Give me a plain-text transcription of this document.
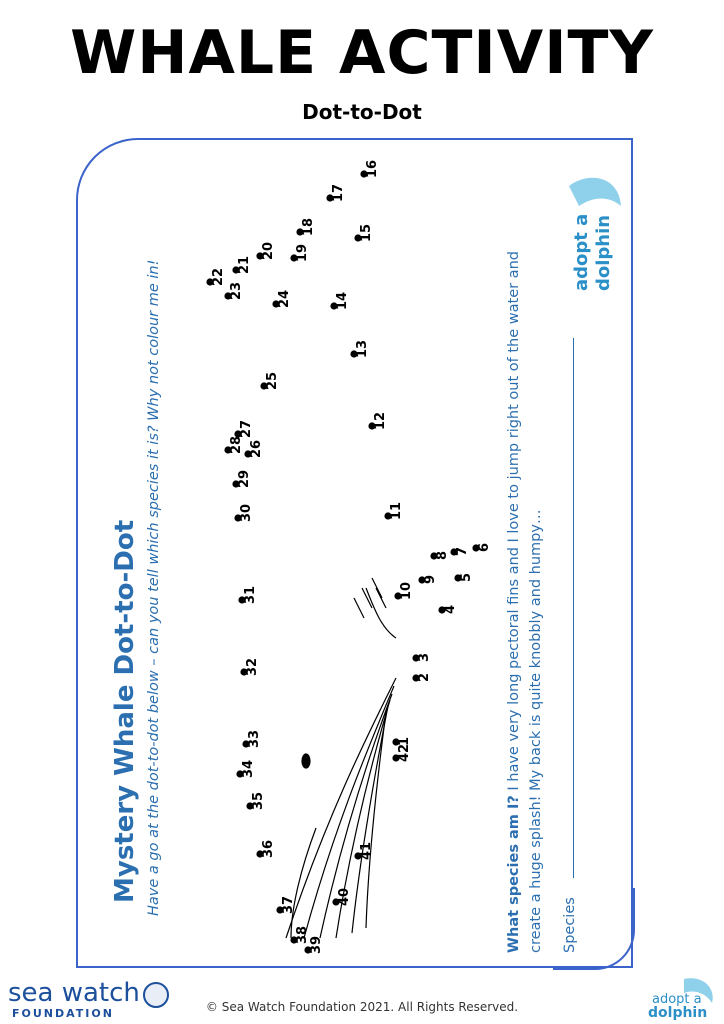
WHALE ACTIVITY
Dot-to-Dot
Mystery Whale Dot-to-Dot Have a go at the dot-to-dot below – can you tell which species it is? Why not colour me in!	What species am I? I have very long pectoral fins and I love to jump right out of the water and create a huge splash! My back is quite knobbly and humpy… Species
adopt a dolphin
1
2
3
4
5
6
7
8
9
10
11
12
13
14
15
16
17
18
19
20
21
22
23	24
25
26
27
28
29
30
31
32
33
34
35
36
37
38
39
40
41
42
sea watch
FOUNDATION	© Sea Watch Foundation 2021. All Rights Reserved.	adopt a
dolphin
